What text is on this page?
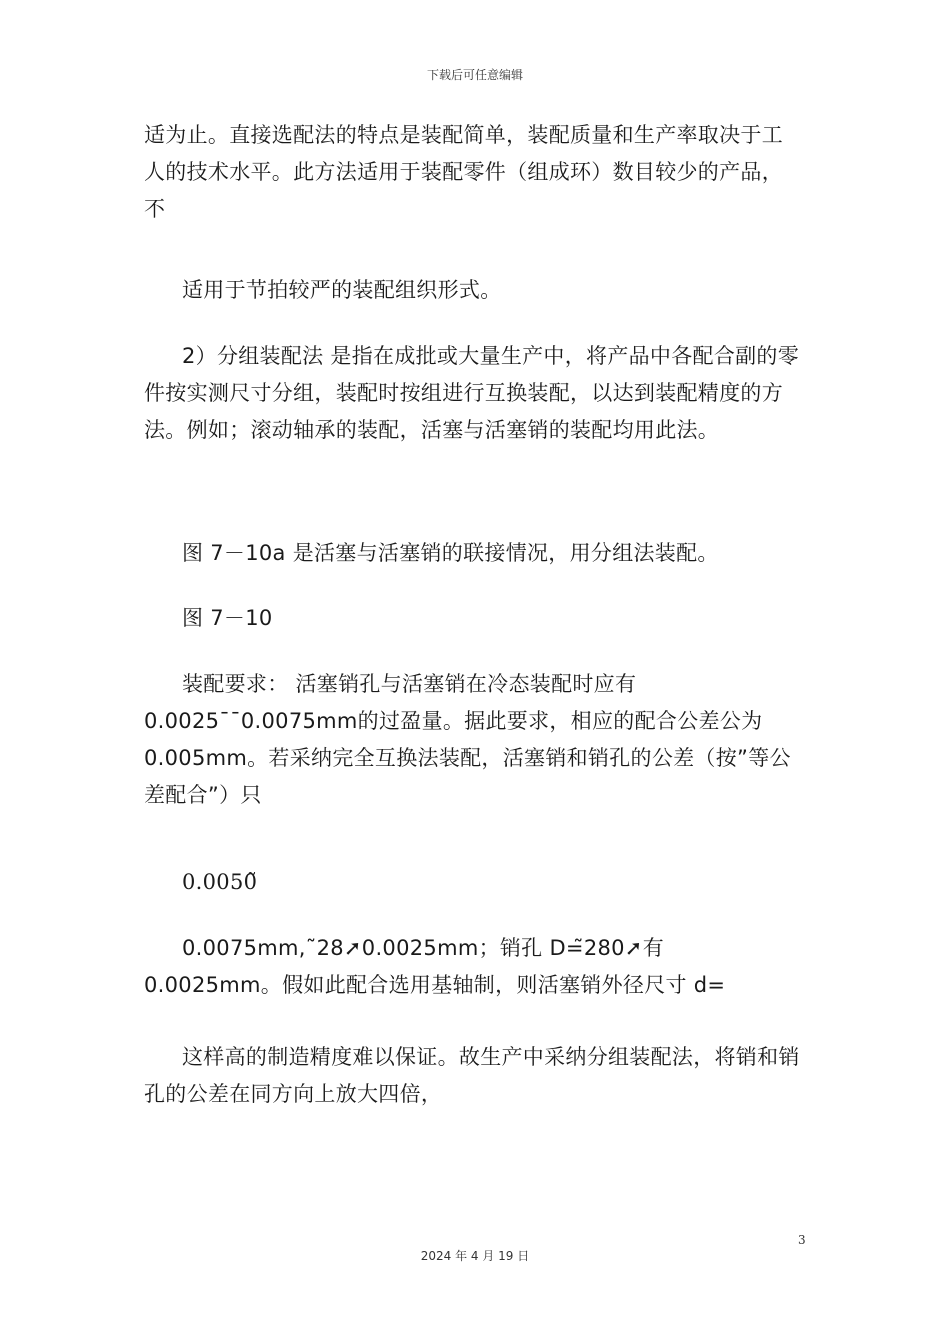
下载后可任意编辑

适为止。直接选配法的特点是装配简单，装配质量和生产率取决于工人的技术水平。此方法适用于装配零件（组成环）数目较少的产品，不

适用于节拍较严的装配组织形式。

2）分组装配法 是指在成批或大量生产中，将产品中各配合副的零件按实测尺寸分组，装配时按组进行互换装配，以达到装配精度的方法。例如；滚动轴承的装配，活塞与活塞销的装配均用此法。

图 7－10a 是活塞与活塞销的联接情况，用分组法装配。

图 7－10

装配要求： 活塞销孔与活塞销在冷态装配时应有 0.0025¯¯0.0075mm的过盈量。据此要求，相应的配合公差公为 0.005mm。若采纳完全互换法装配，活塞销和销孔的公差（按”等公差配合”）只

0.0050̃

0.0075mm,˜28➚0.0025mm；销孔 D=̃280➚有 0.0025mm。假如此配合选用基轴制，则活塞销外径尺寸 d=

这样高的制造精度难以保证。故生产中采纳分组装配法，将销和销孔的公差在同方向上放大四倍，

3
2024 年 4 月 19 日
